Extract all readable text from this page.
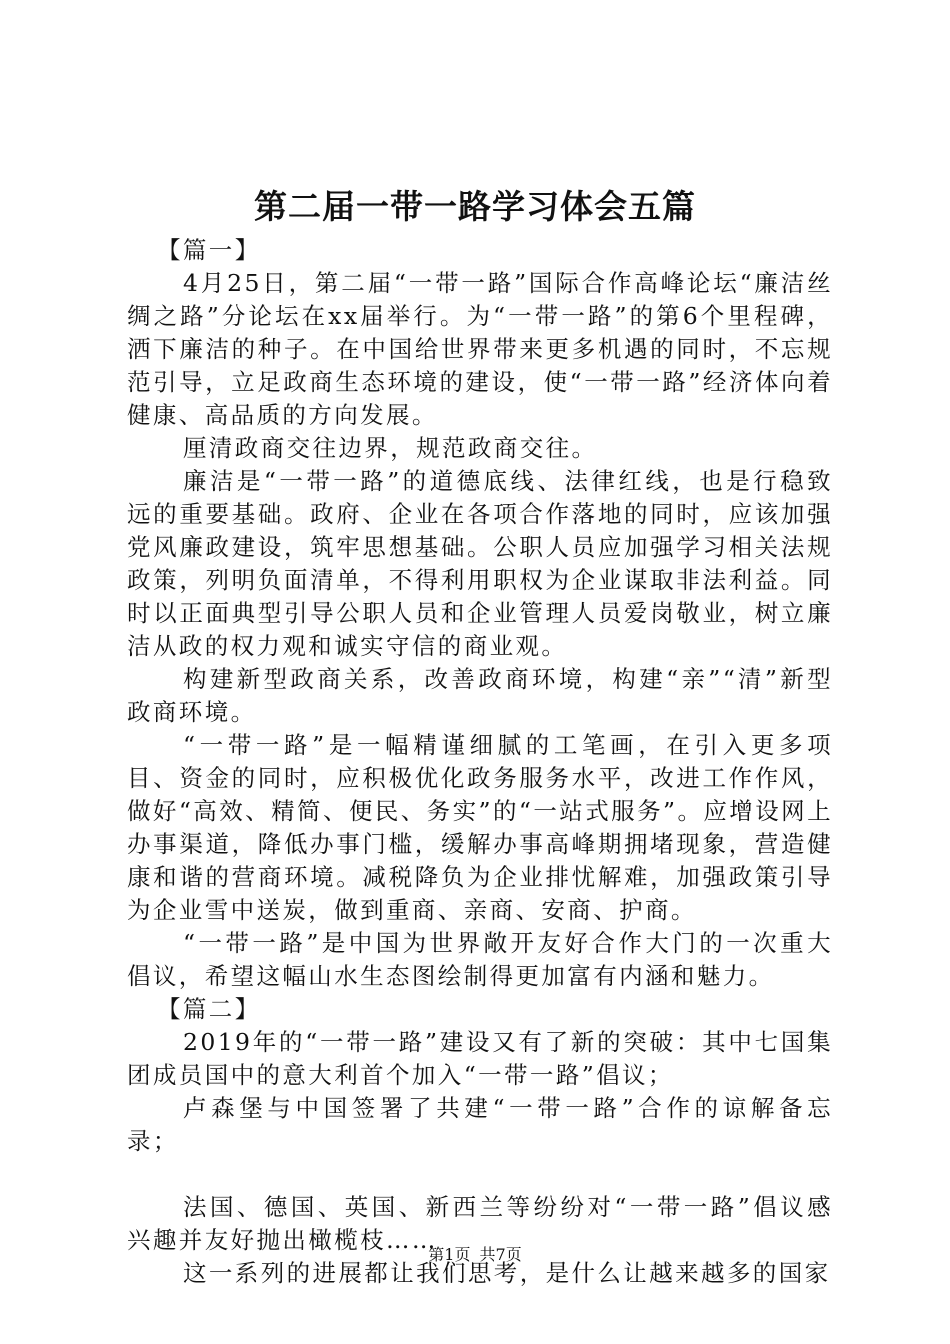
第二届一带一路学习体会五篇

【篇一】

4月25日，第二届“一带一路”国际合作高峰论坛“廉洁丝绸之路”分论坛在xx届举行。为“一带一路”的第6个里程碑，洒下廉洁的种子。在中国给世界带来更多机遇的同时，不忘规范引导，立足政商生态环境的建设，使“一带一路”经济体向着健康、高品质的方向发展。

厘清政商交往边界，规范政商交往。

廉洁是“一带一路”的道德底线、法律红线，也是行稳致远的重要基础。政府、企业在各项合作落地的同时，应该加强党风廉政建设，筑牢思想基础。公职人员应加强学习相关法规政策，列明负面清单，不得利用职权为企业谋取非法利益。同时以正面典型引导公职人员和企业管理人员爱岗敬业，树立廉洁从政的权力观和诚实守信的商业观。

构建新型政商关系，改善政商环境，构建“亲”“清”新型政商环境。

“一带一路”是一幅精谨细腻的工笔画，在引入更多项目、资金的同时，应积极优化政务服务水平，改进工作作风，做好“高效、精简、便民、务实”的“一站式服务”。应增设网上办事渠道，降低办事门槛，缓解办事高峰期拥堵现象，营造健康和谐的营商环境。减税降负为企业排忧解难，加强政策引导为企业雪中送炭，做到重商、亲商、安商、护商。

“一带一路”是中国为世界敞开友好合作大门的一次重大倡议，希望这幅山水生态图绘制得更加富有内涵和魅力。

【篇二】

2019年的“一带一路”建设又有了新的突破：其中七国集团成员国中的意大利首个加入“一带一路”倡议；

卢森堡与中国签署了共建“一带一路”合作的谅解备忘录；

法国、德国、英国、新西兰等纷纷对“一带一路”倡议感兴趣并友好抛出橄榄枝……

这一系列的进展都让我们思考，是什么让越来越多的国家

第1页 共7页
